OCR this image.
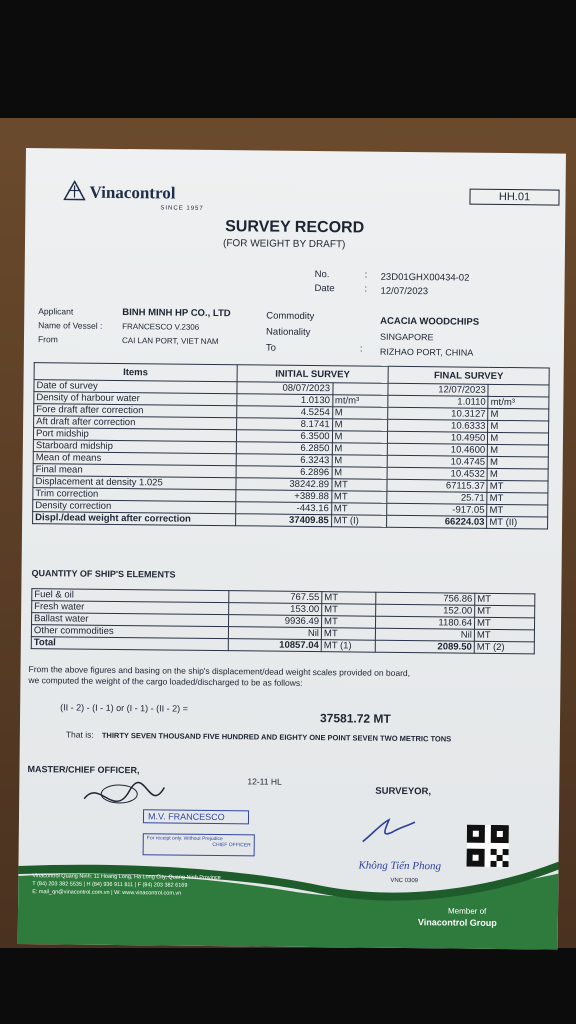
Vinacontrol
SINCE 1957
HH.01
SURVEY RECORD
(FOR WEIGHT BY DRAFT)
No.	: 23D01GHX00434-02
Date	: 12/07/2023
Applicant	BINH MINH HP CO., LTD
Name of Vessel : FRANCESCO V.2306
From	CAI LAN PORT, VIET NAM
Commodity	ACACIA WOODCHIPS
Nationality	SINGAPORE
To	: RIZHAO PORT, CHINA
Items	INITIAL SURVEY		FINAL SURVEY	
Date of survey	08/07/2023		12/07/2023	
Density of harbour water	1.0130	mt/m³	1.0110	mt/m³
Fore draft after correction	4.5254	M	10.3127	M
Aft draft after correction	8.1741	M	10.6333	M
Port midship	6.3500	M	10.4950	M
Starboard midship	6.2850	M	10.4600	M
Mean of means	6.3243	M	10.4745	M
Final mean	6.2896	M	10.4532	M
Displacement at density 1.025	38242.89	MT	67115.37	MT
Trim correction	+389.88	MT	25.71	MT
Density correction	-443.16	MT	-917.05	MT
Displ./dead weight after correction	37409.85	MT (I)	66224.03	MT (II)
QUANTITY OF SHIP'S ELEMENTS
Fuel & oil	767.55	MT	756.86	MT
Fresh water	153.00	MT	152.00	MT
Ballast water	9936.49	MT	1180.64	MT
Other commodities	Nil	MT	Nil	MT
Total	10857.04	MT (1)	2089.50	MT (2)
From the above figures and basing on the ship's displacement/dead weight scales provided on board,
we computed the weight of the cargo loaded/discharged to be as follows:
(II - 2) - (I - 1) or (I - 1) - (II - 2) =
37581.72 MT
That is: THIRTY SEVEN THOUSAND FIVE HUNDRED AND EIGHTY ONE POINT SEVEN TWO METRIC TONS
MASTER/CHIEF OFFICER,
12-11 HL
SURVEYOR,
M.V. FRANCESCO
For receipt only. Without Prejudice
CHIEF OFFICER
Không Tiến Phong
VNC 0309
Vinacontrol Quang Ninh: 11 Hoang Long, Ha Long City, Quang Ninh Province
T (84) 203 382 5535 | H (84) 936 911 811 | F (84) 203 382 6169
E: mail_qn@vinacontrol.com.vn | W: www.vinacontrol.com.vn
Member of
Vinacontrol Group
